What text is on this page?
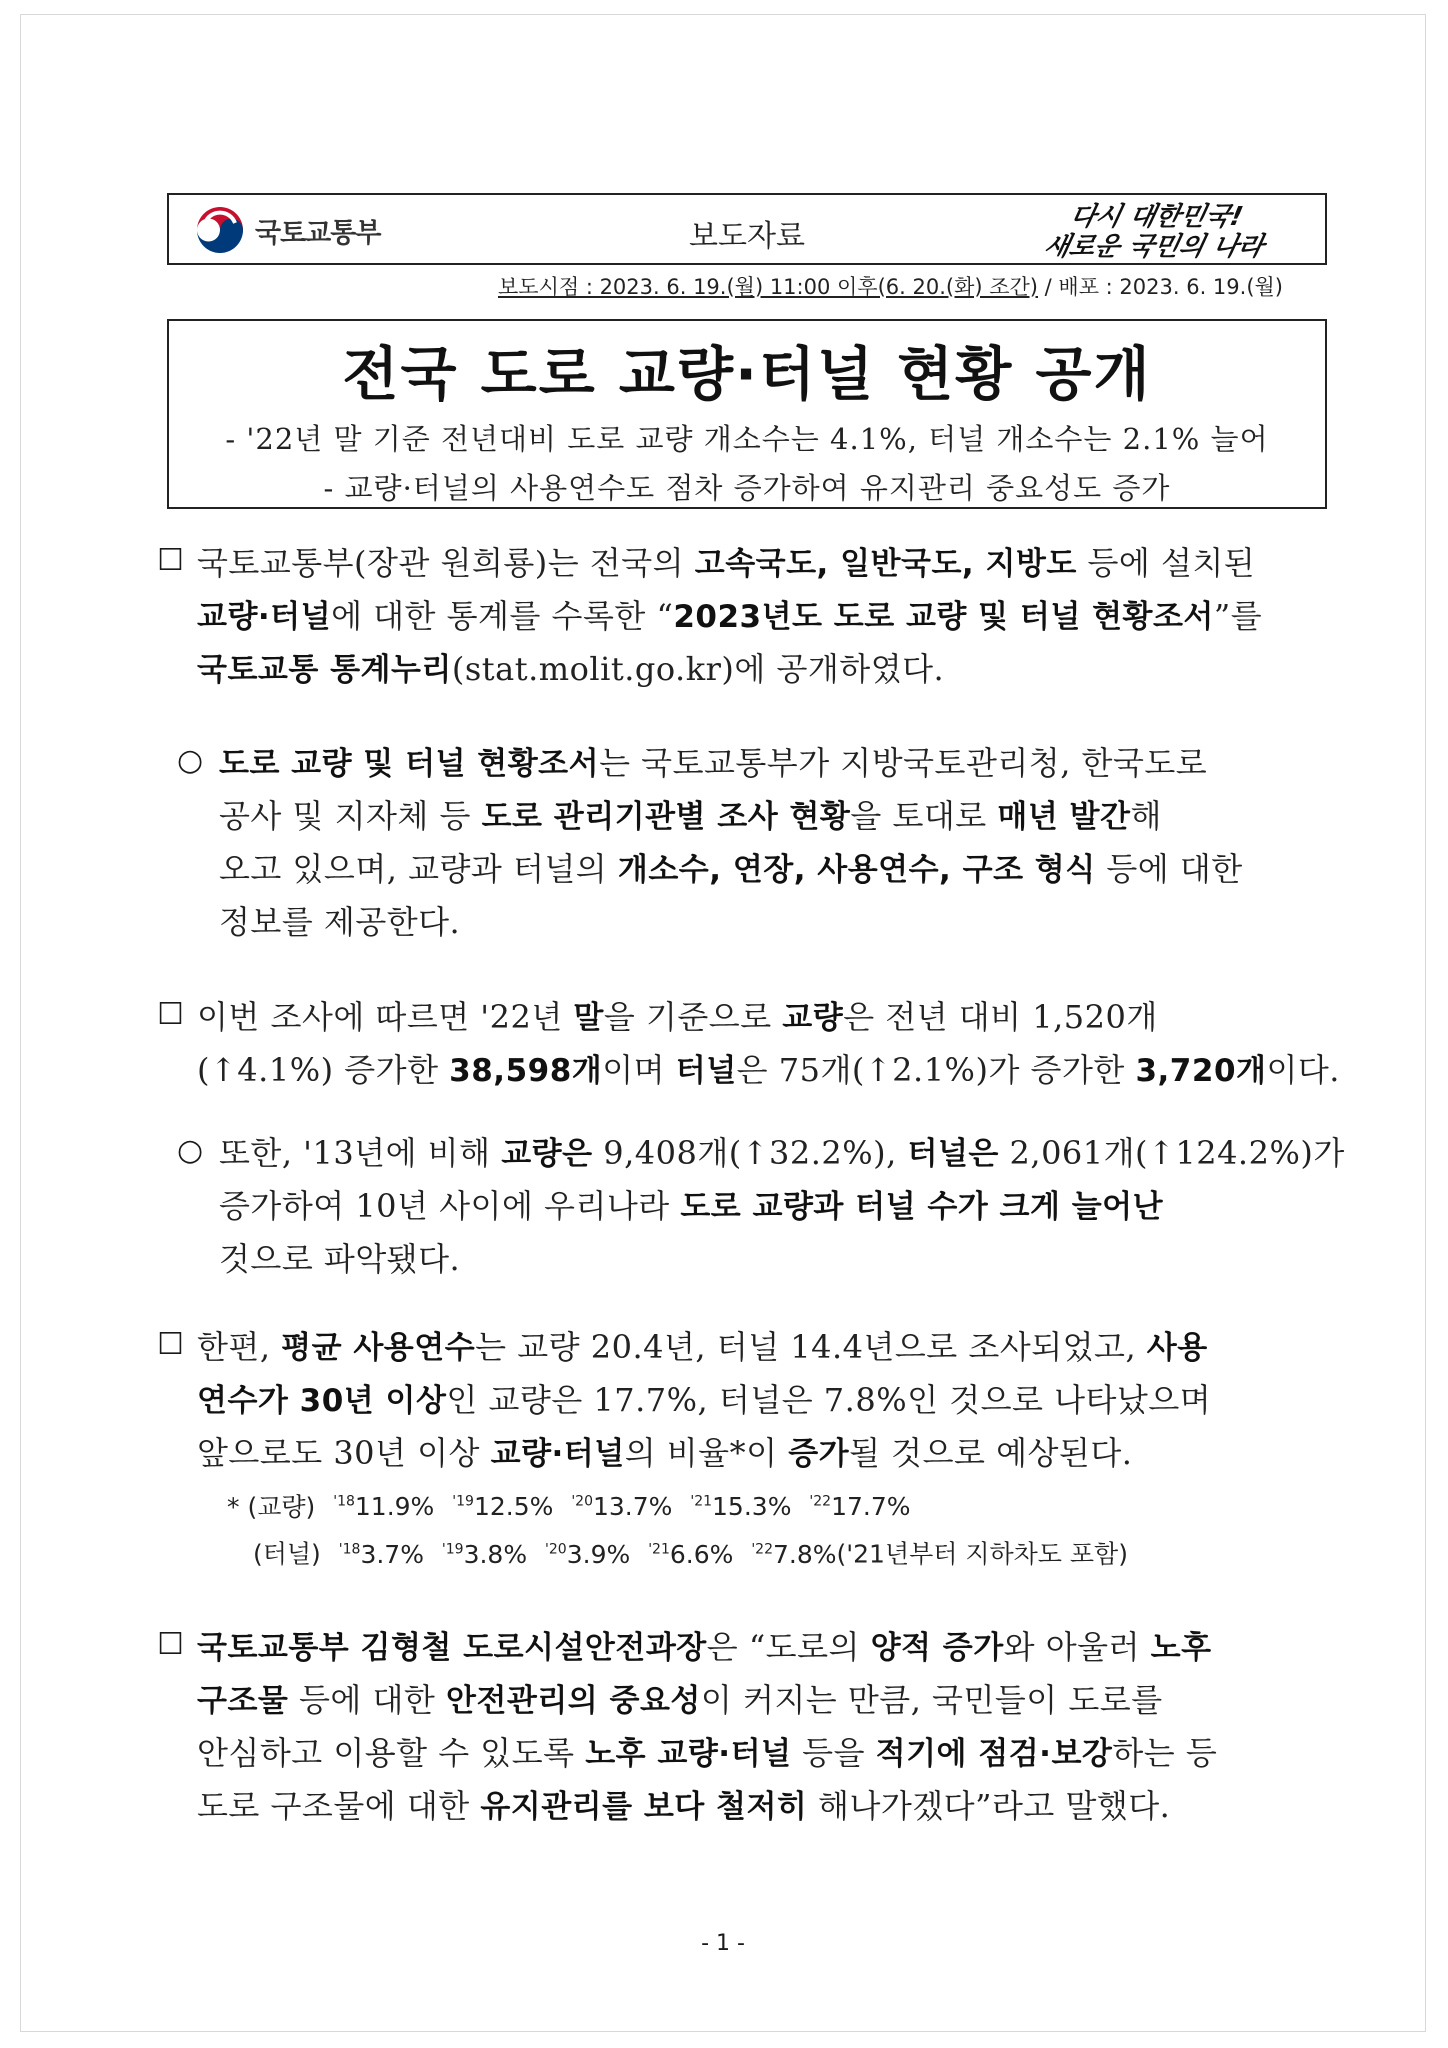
국토교통부	보도자료
다시 대한민국!
새로운 국민의 나라
보도시점 : 2023. 6. 19.(월) 11:00 이후(6. 20.(화) 조간) / 배포 : 2023. 6. 19.(월)
전국 도로 교량·터널 현황 공개
- '22년 말 기준 전년대비 도로 교량 개소수는 4.1%, 터널 개소수는 2.1% 늘어
- 교량·터널의 사용연수도 점차 증가하여 유지관리 중요성도 증가
☐ 국토교통부(장관 원희룡)는 전국의 고속국도, 일반국도, 지방도 등에 설치된
교량·터널에 대한 통계를 수록한 “2023년도 도로 교량 및 터널 현황조서”를
국토교통 통계누리(stat.molit.go.kr)에 공개하였다.
○ 도로 교량 및 터널 현황조서는 국토교통부가 지방국토관리청, 한국도로
공사 및 지자체 등 도로 관리기관별 조사 현황을 토대로 매년 발간해
오고 있으며, 교량과 터널의 개소수, 연장, 사용연수, 구조 형식 등에 대한
정보를 제공한다.
☐ 이번 조사에 따르면 '22년 말을 기준으로 교량은 전년 대비 1,520개
(↑4.1%) 증가한 38,598개이며 터널은 75개(↑2.1%)가 증가한 3,720개이다.
○ 또한, '13년에 비해 교량은 9,408개(↑32.2%), 터널은 2,061개(↑124.2%)가
증가하여 10년 사이에 우리나라 도로 교량과 터널 수가 크게 늘어난
것으로 파악됐다.
☐ 한편, 평균 사용연수는 교량 20.4년, 터널 14.4년으로 조사되었고, 사용
연수가 30년 이상인 교량은 17.7%, 터널은 7.8%인 것으로 나타났으며
앞으로도 30년 이상 교량·터널의 비율*이 증가될 것으로 예상된다.
* (교량) $^{'18}$11.9% $^{'19}$12.5% $^{'20}$13.7% $^{'21}$15.3% $^{'22}$17.7%
(터널) $^{'18}$3.7% $^{'19}$3.8% $^{'20}$3.9% $^{'21}$6.6% $^{'22}$7.8%('21년부터 지하차도 포함)
☐ 국토교통부 김형철 도로시설안전과장은 “도로의 양적 증가와 아울러 노후
구조물 등에 대한 안전관리의 중요성이 커지는 만큼, 국민들이 도로를
안심하고 이용할 수 있도록 노후 교량·터널 등을 적기에 점검·보강하는 등
도로 구조물에 대한 유지관리를 보다 철저히 해나가겠다”라고 말했다.
- 1 -
